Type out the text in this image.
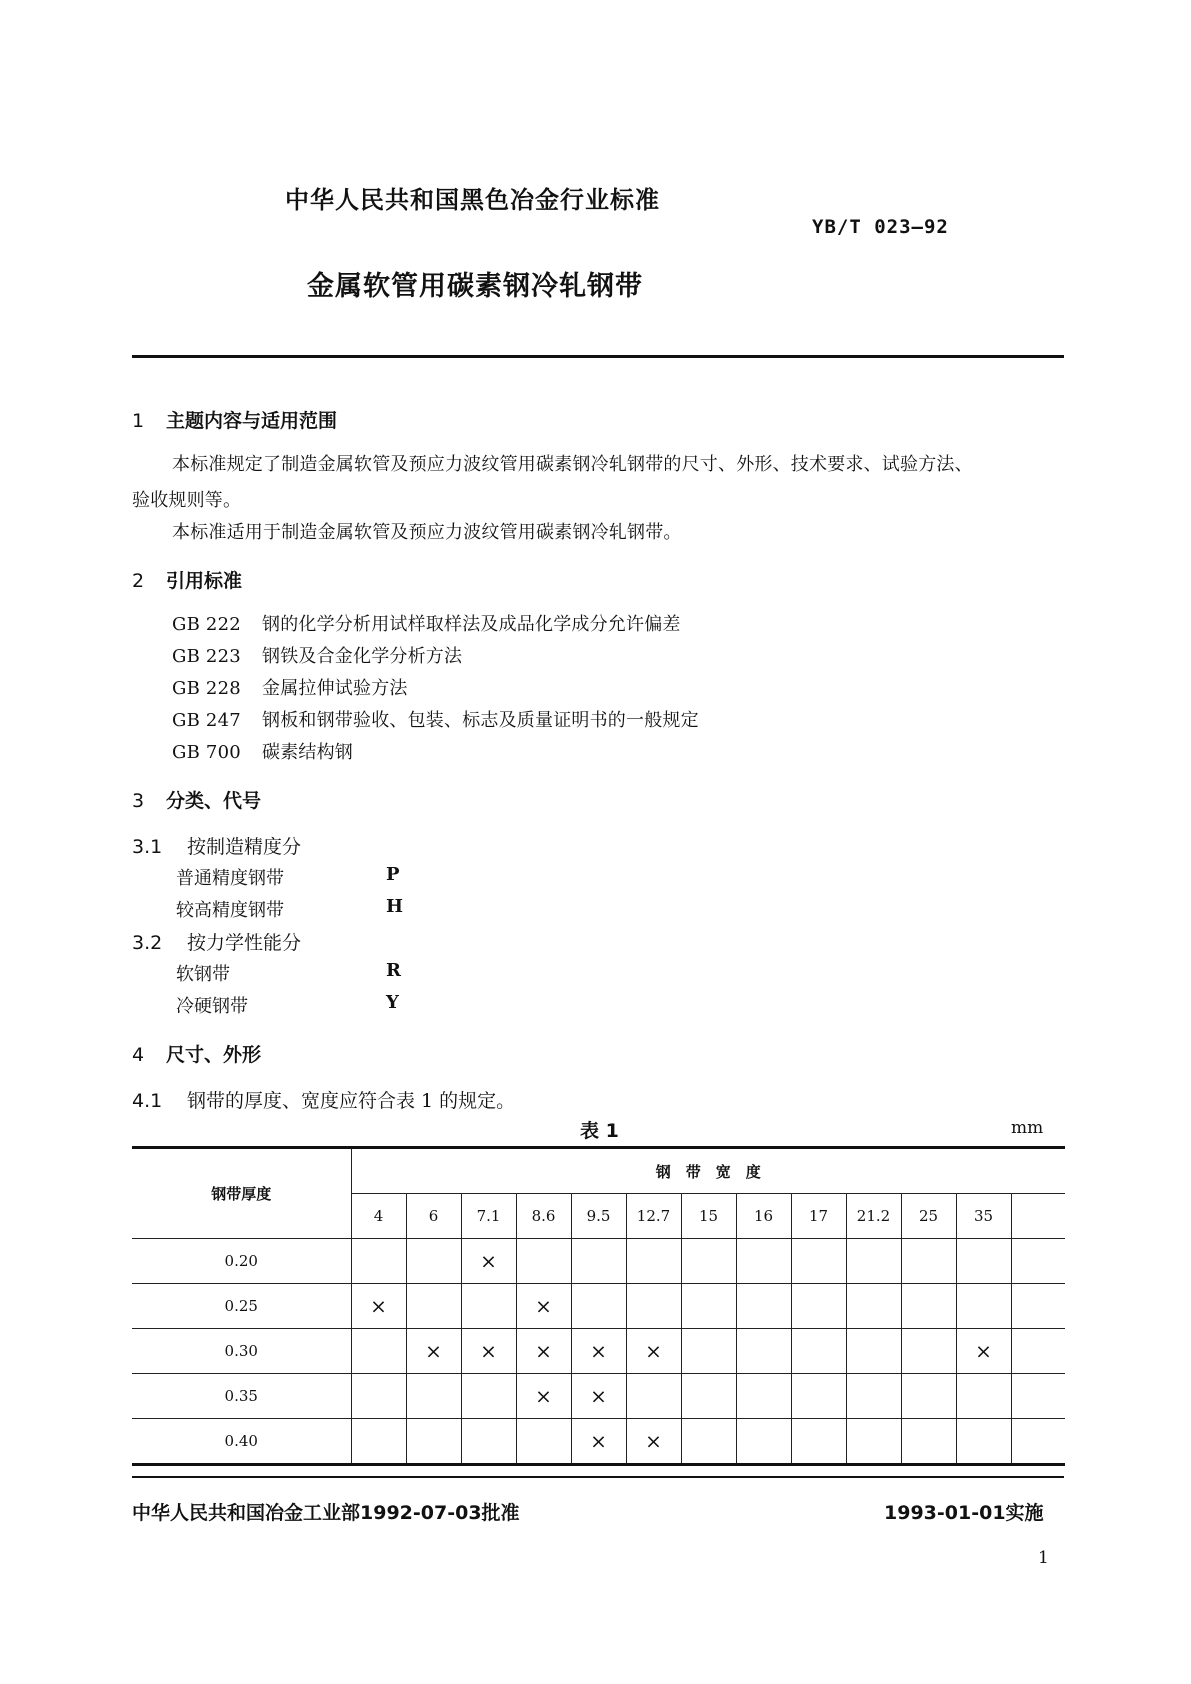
中华人民共和国黑色冶金行业标准
YB/T 023—92
金属软管用碳素钢冷轧钢带
1 主题内容与适用范围
本标准规定了制造金属软管及预应力波纹管用碳素钢冷轧钢带的尺寸、外形、技术要求、试验方法、
验收规则等。
本标准适用于制造金属软管及预应力波纹管用碳素钢冷轧钢带。
2 引用标准
GB 222 钢的化学分析用试样取样法及成品化学成分允许偏差
GB 223 钢铁及合金化学分析方法
GB 228 金属拉伸试验方法
GB 247 钢板和钢带验收、包装、标志及质量证明书的一般规定
GB 700 碳素结构钢
3 分类、代号
3.1 按制造精度分
普通精度钢带	P
较高精度钢带	H
3.2 按力学性能分
软钢带	R
冷硬钢带	Y
4 尺寸、外形
4.1 钢带的厚度、宽度应符合表 1 的规定。
表 1	mm
钢带厚度	钢　带　宽　度												
	4	6	7.1	8.6	9.5	12.7	15	16	17	21.2	25	35	
0.20			×										
0.25	×			×									
0.30		×	×	×	×	×						×	
0.35				×	×								
0.40					×	×							
中华人民共和国冶金工业部1992-07-03批准	1993-01-01实施
1
